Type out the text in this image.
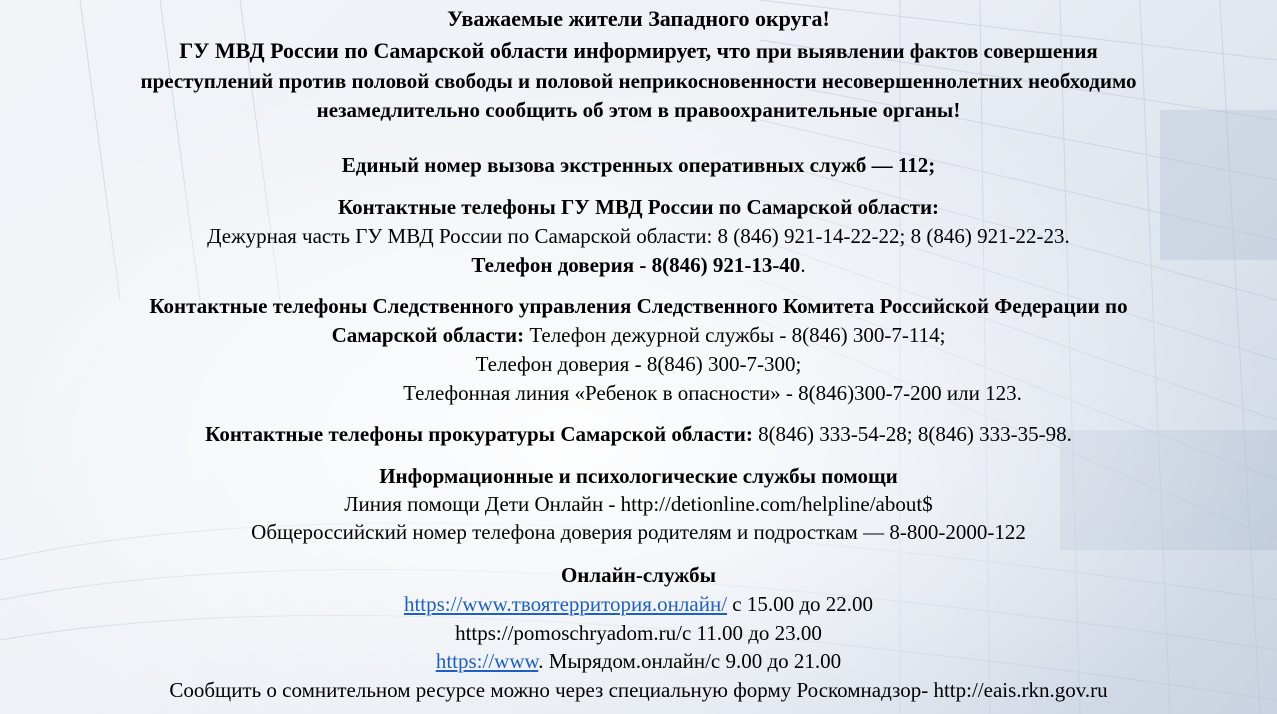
Уважаемые жители Западного округа!
ГУ МВД России по Самарской области информирует, что при выявлении фактов совершения
преступлений против половой свободы и половой неприкосновенности несовершеннолетних необходимо
незамедлительно сообщить об этом в правоохранительные органы!
Единый номер вызова экстренных оперативных служб — 112;
Контактные телефоны ГУ МВД России по Самарской области:
Дежурная часть ГУ МВД России по Самарской области: 8 (846) 921-14-22-22; 8 (846) 921-22-23.
Телефон доверия - 8(846) 921-13-40.
Контактные телефоны Следственного управления Следственного Комитета Российской Федерации по
Самарской области: Телефон дежурной службы - 8(846) 300-7-114;
Телефон доверия - 8(846) 300-7-300;
Телефонная линия «Ребенок в опасности» - 8(846)300-7-200 или 123.
Контактные телефоны прокуратуры Самарской области: 8(846) 333-54-28; 8(846) 333-35-98.
Информационные и психологические службы помощи
Линия помощи Дети Онлайн - http://detionline.com/helpline/about$
Общероссийский номер телефона доверия родителям и подросткам — 8-800-2000-122
Онлайн-службы
https://www.твоятерритория.онлайн/ с 15.00 до 22.00
https://pomoschryadom.ru/с 11.00 до 23.00
https://www. Мырядом.онлайн/с 9.00 до 21.00
Сообщить о сомнительном ресурсе можно через специальную форму Роскомнадзор- http://eais.rkn.gov.ru
